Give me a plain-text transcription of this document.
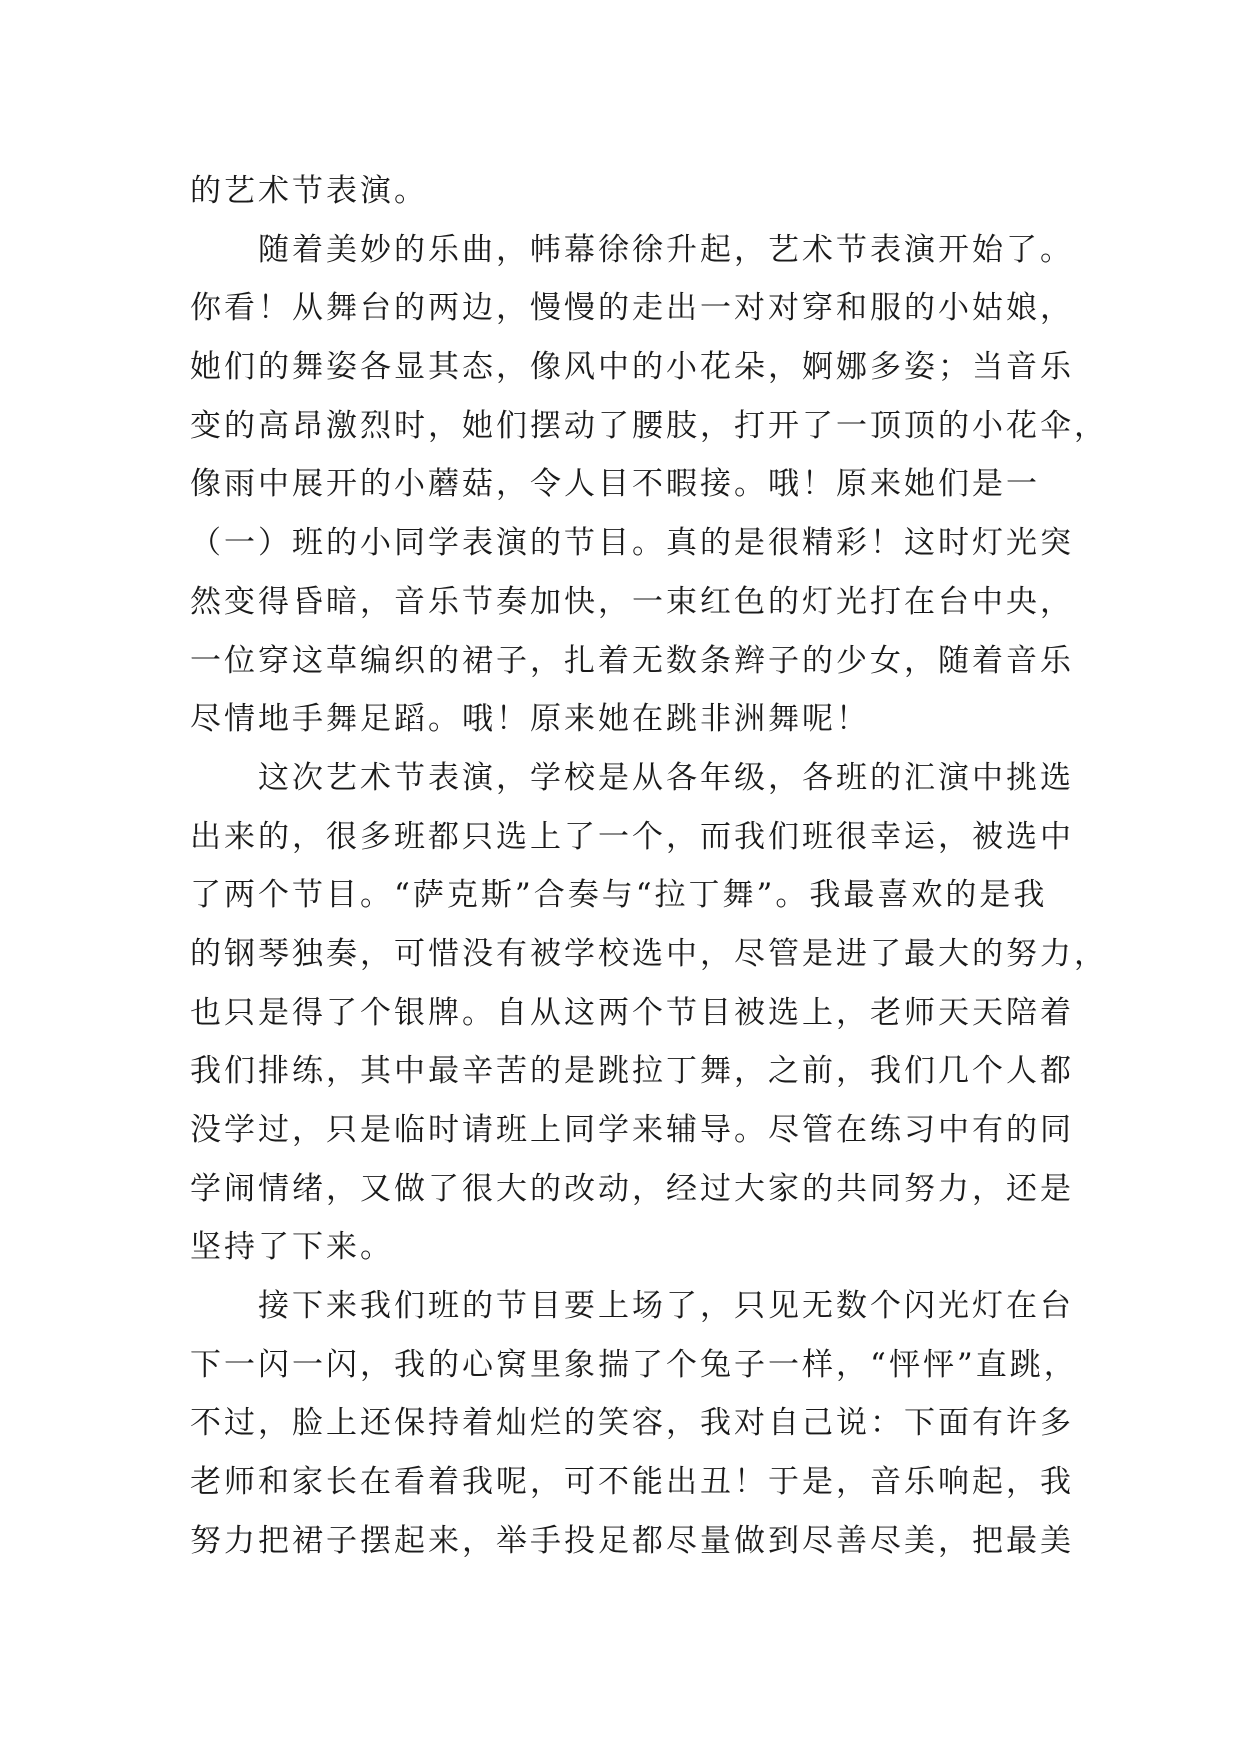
的艺术节表演。
　　随着美妙的乐曲，帏幕徐徐升起，艺术节表演开始了。
你看！从舞台的两边，慢慢的走出一对对穿和服的小姑娘，
她们的舞姿各显其态，像风中的小花朵，婀娜多姿；当音乐
变的高昂激烈时，她们摆动了腰肢，打开了一顶顶的小花伞，
像雨中展开的小蘑菇，令人目不暇接。哦！原来她们是一
（一）班的小同学表演的节目。真的是很精彩！这时灯光突
然变得昏暗，音乐节奏加快，一束红色的灯光打在台中央，
一位穿这草编织的裙子，扎着无数条辫子的少女，随着音乐
尽情地手舞足蹈。哦！原来她在跳非洲舞呢！
　　这次艺术节表演，学校是从各年级，各班的汇演中挑选
出来的，很多班都只选上了一个，而我们班很幸运，被选中
了两个节目。“萨克斯”合奏与“拉丁舞”。我最喜欢的是我
的钢琴独奏，可惜没有被学校选中，尽管是进了最大的努力，
也只是得了个银牌。自从这两个节目被选上，老师天天陪着
我们排练，其中最辛苦的是跳拉丁舞，之前，我们几个人都
没学过，只是临时请班上同学来辅导。尽管在练习中有的同
学闹情绪，又做了很大的改动，经过大家的共同努力，还是
坚持了下来。
　　接下来我们班的节目要上场了，只见无数个闪光灯在台
下一闪一闪，我的心窝里象揣了个兔子一样，“怦怦”直跳，
不过，脸上还保持着灿烂的笑容，我对自己说：下面有许多
老师和家长在看着我呢，可不能出丑！于是，音乐响起，我
努力把裙子摆起来，举手投足都尽量做到尽善尽美，把最美
